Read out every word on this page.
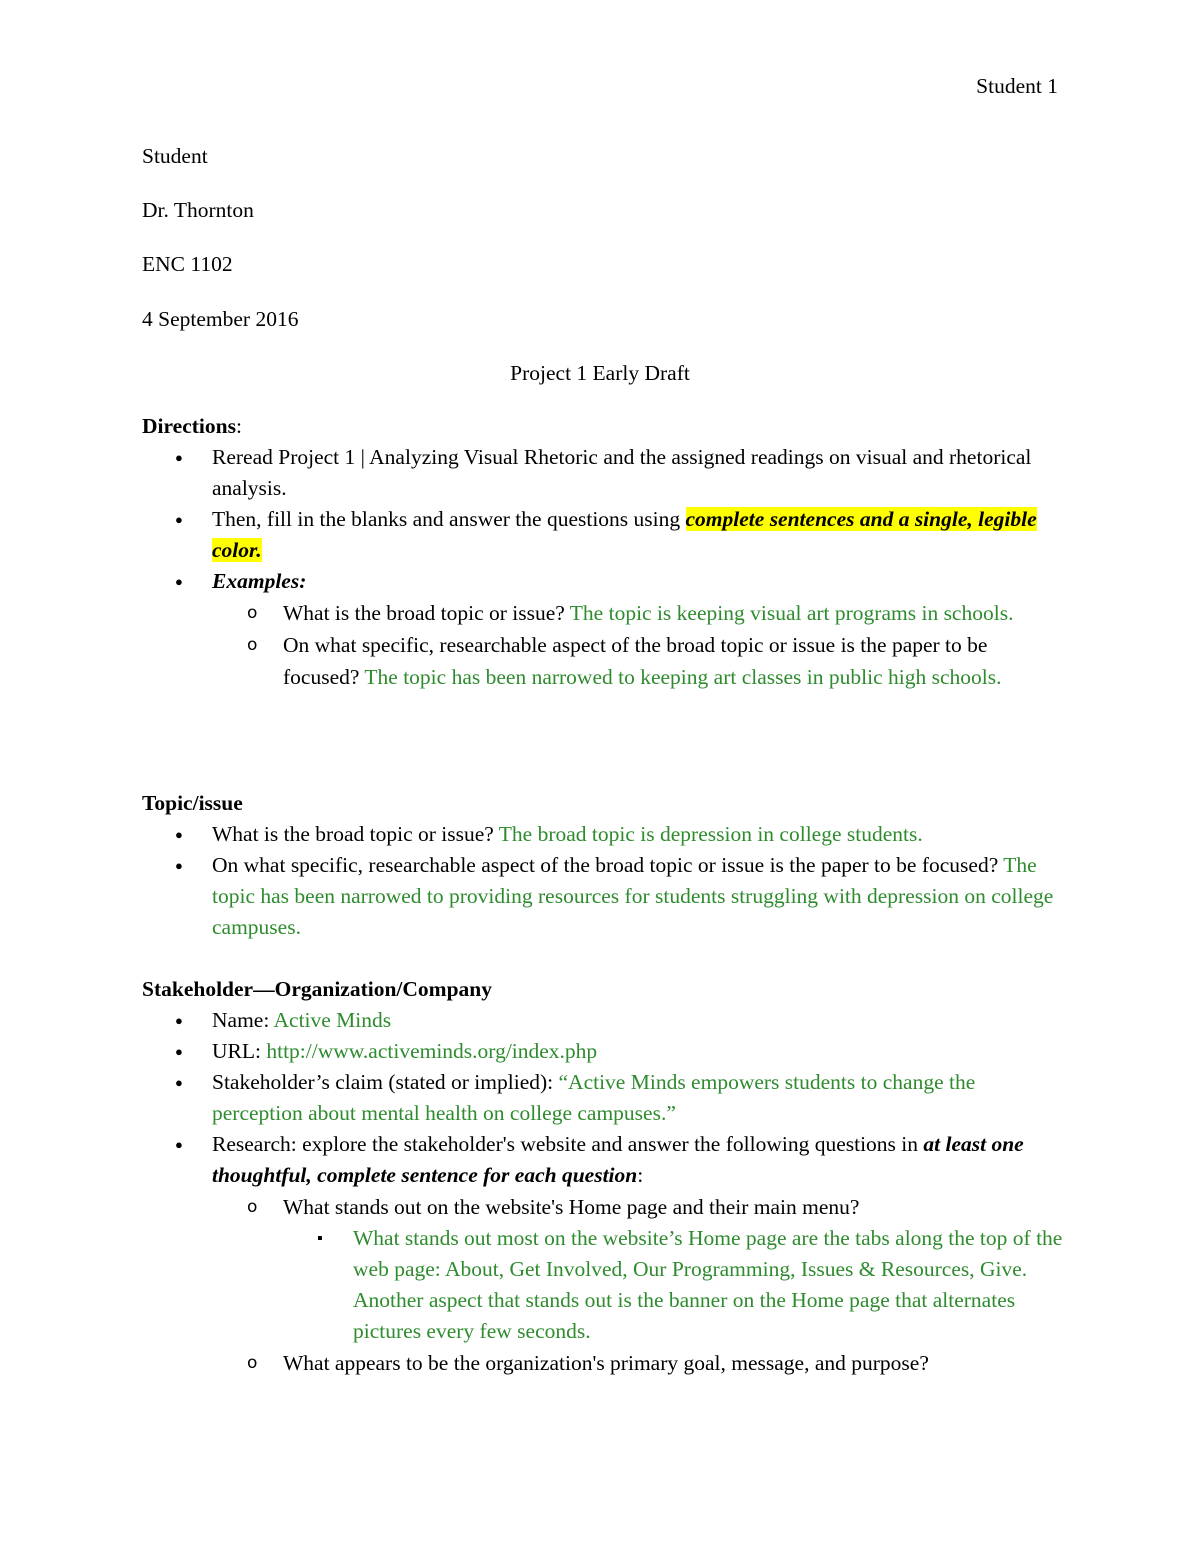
Student 1
Student
Dr. Thornton
ENC 1102
4 September 2016
Project 1 Early Draft
Directions:
● Reread Project 1 | Analyzing Visual Rhetoric and the assigned readings on visual and rhetorical analysis.
● Then, fill in the blanks and answer the questions using complete sentences and a single, legible color.
● Examples:
o What is the broad topic or issue? The topic is keeping visual art programs in schools.
o On what specific, researchable aspect of the broad topic or issue is the paper to be focused? The topic has been narrowed to keeping art classes in public high schools.
Topic/issue
● What is the broad topic or issue? The broad topic is depression in college students.
● On what specific, researchable aspect of the broad topic or issue is the paper to be focused? The topic has been narrowed to providing resources for students struggling with depression on college campuses.
Stakeholder—Organization/Company
● Name: Active Minds
● URL: http://www.activeminds.org/index.php
● Stakeholder’s claim (stated or implied): “Active Minds empowers students to change the perception about mental health on college campuses.”
● Research: explore the stakeholder's website and answer the following questions in at least one thoughtful, complete sentence for each question:
o What stands out on the website's Home page and their main menu?
▪ What stands out most on the website’s Home page are the tabs along the top of the web page: About, Get Involved, Our Programming, Issues & Resources, Give. Another aspect that stands out is the banner on the Home page that alternates pictures every few seconds.
o What appears to be the organization's primary goal, message, and purpose?
